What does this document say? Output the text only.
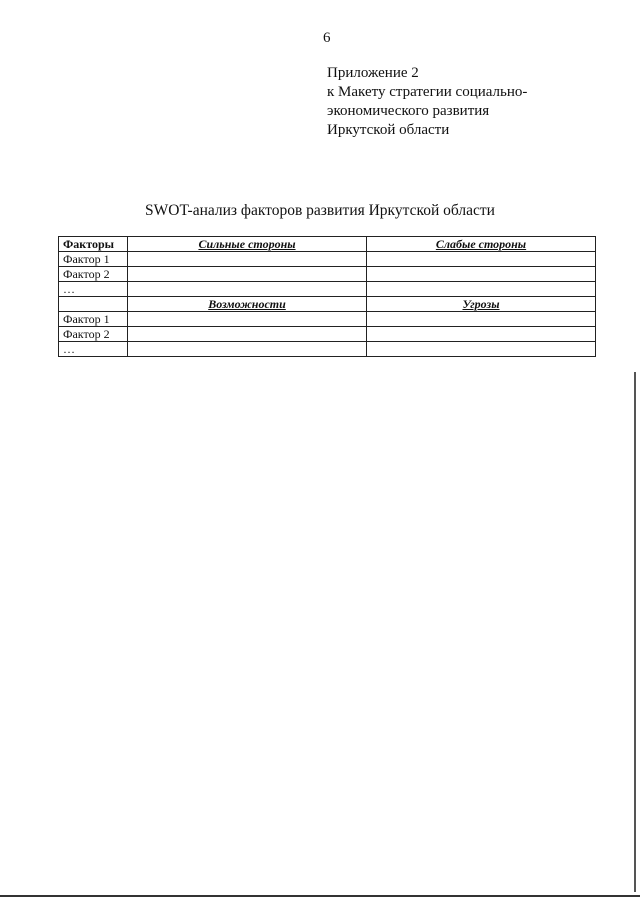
6
Приложение 2
к Макету стратегии социально-
экономического развития
Иркутской области
SWOT-анализ факторов развития Иркутской области
Факторы	Сильные стороны	Слабые стороны
Фактор 1		
Фактор 2		
…		
	Возможности	Угрозы
Фактор 1		
Фактор 2		
…		
